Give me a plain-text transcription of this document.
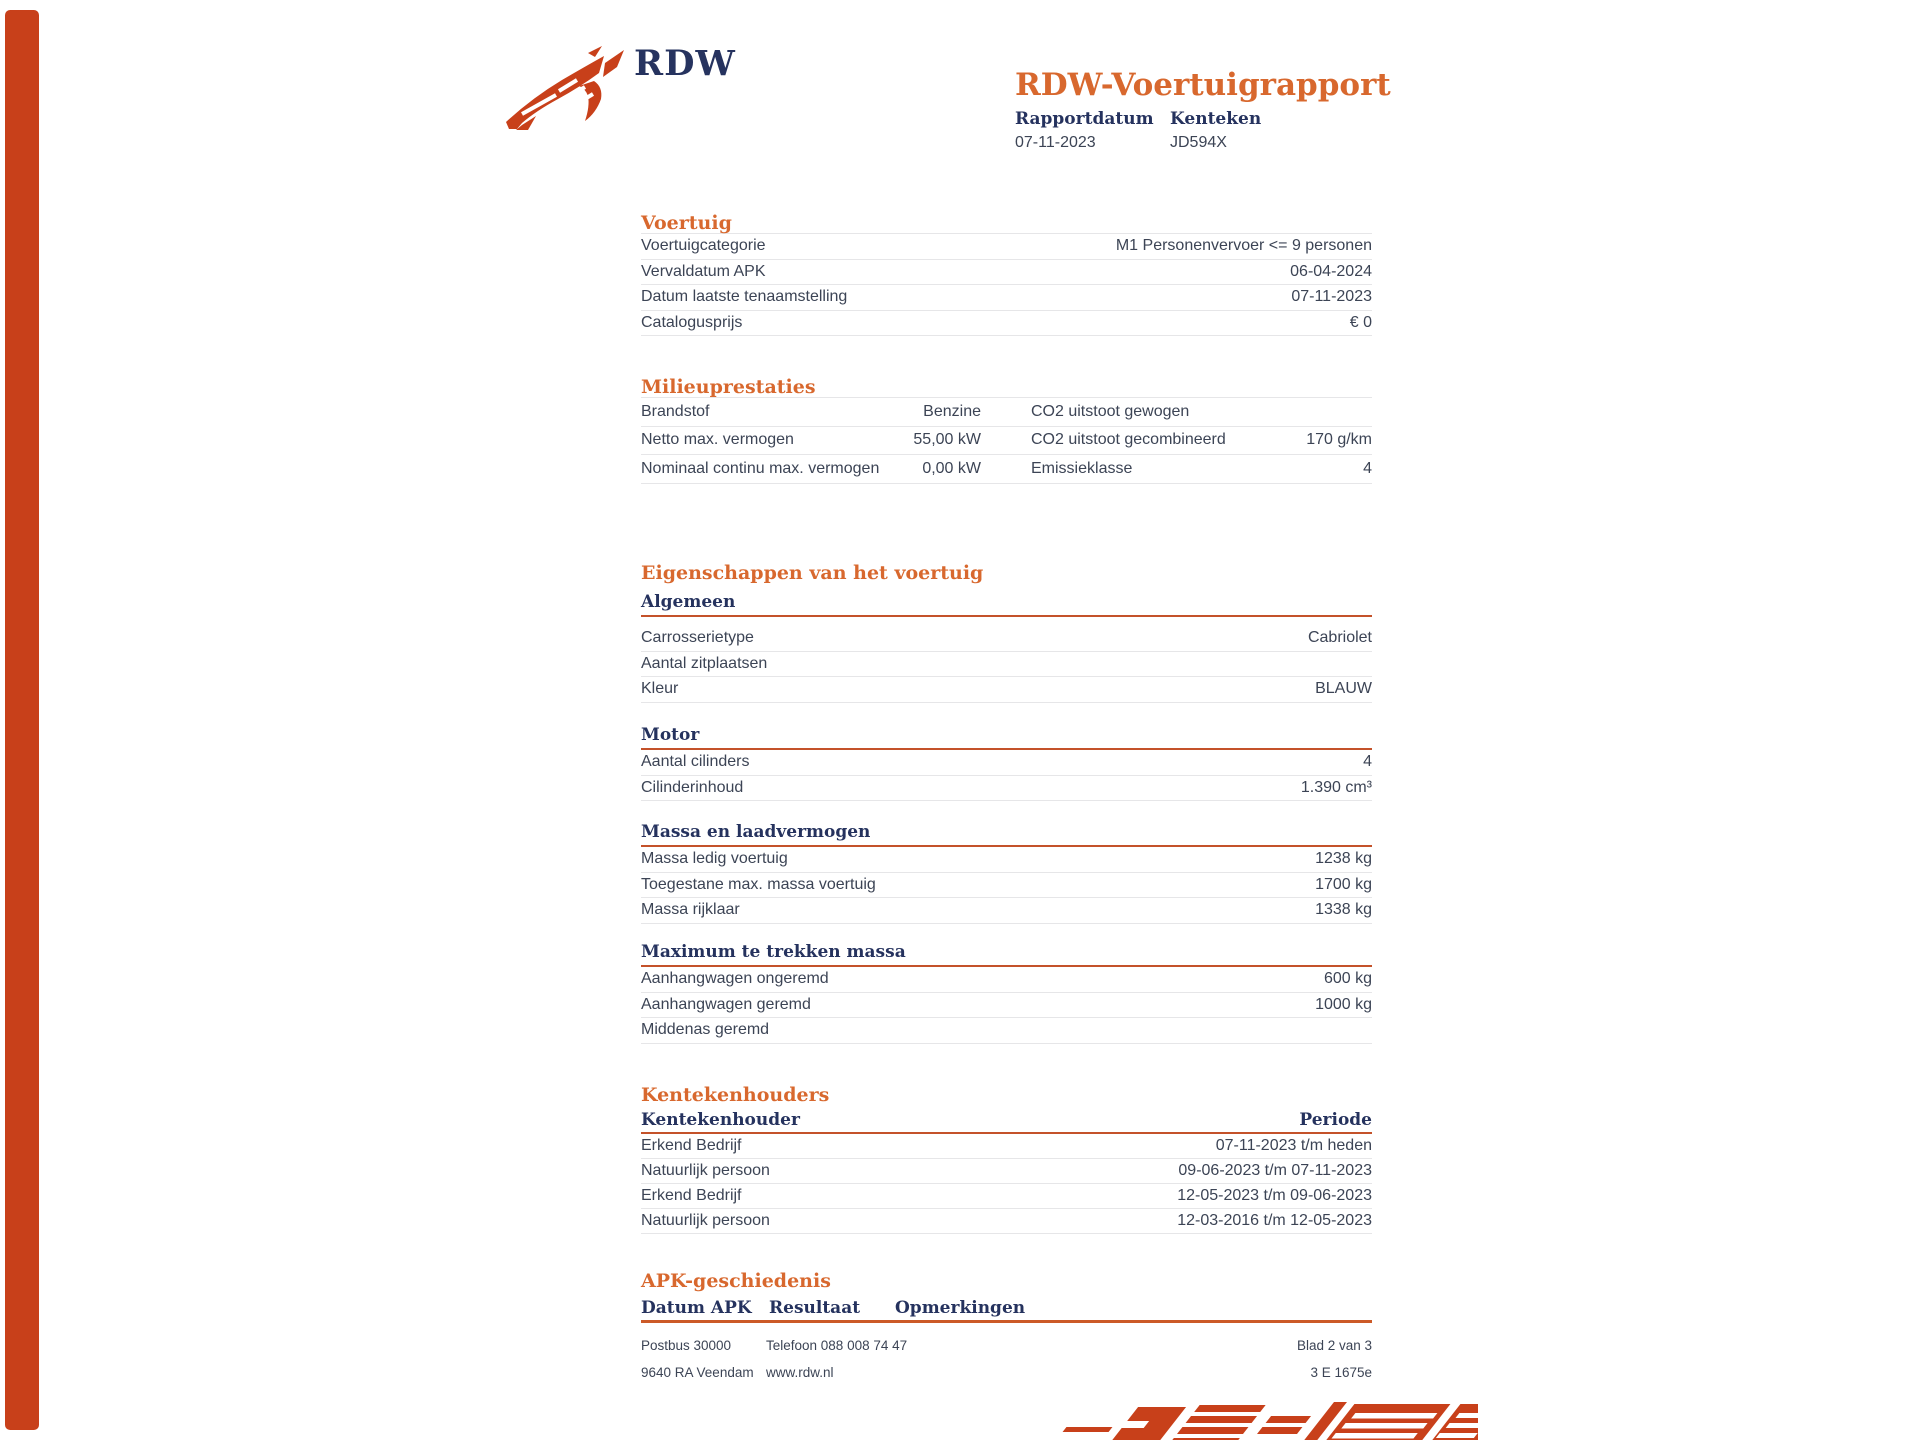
RDW
RDW-Voertuigrapport
Rapportdatum
07-11-2023
Kenteken
JD594X
Voertuig
Voertuigcategorie	M1 Personenvervoer <= 9 personen
Vervaldatum APK	06-04-2024
Datum laatste tenaamstelling	07-11-2023
Catalogusprijs	€ 0
Milieuprestaties
Brandstof	Benzine	CO2 uitstoot gewogen
Netto max. vermogen	55,00 kW	CO2 uitstoot gecombineerd	170 g/km
Nominaal continu max. vermogen	0,00 kW	Emissieklasse	4
Eigenschappen van het voertuig
Algemeen
Carrosserietype	Cabriolet
Aantal zitplaatsen
Kleur	BLAUW
Motor
Aantal cilinders	4
Cilinderinhoud	1.390 cm³
Massa en laadvermogen
Massa ledig voertuig	1238 kg
Toegestane max. massa voertuig	1700 kg
Massa rijklaar	1338 kg
Maximum te trekken massa
Aanhangwagen ongeremd	600 kg
Aanhangwagen geremd	1000 kg
Middenas geremd
Kentekenhouders
Kentekenhouder	Periode
Erkend Bedrijf	07-11-2023 t/m heden
Natuurlijk persoon	09-06-2023 t/m 07-11-2023
Erkend Bedrijf	12-05-2023 t/m 09-06-2023
Natuurlijk persoon	12-03-2016 t/m 12-05-2023
APK-geschiedenis
Datum APK	Resultaat	Opmerkingen
Postbus 30000	Telefoon 088 008 74 47	Blad 2 van 3
9640 RA Veendam www.rdw.nl	3 E 1675e
